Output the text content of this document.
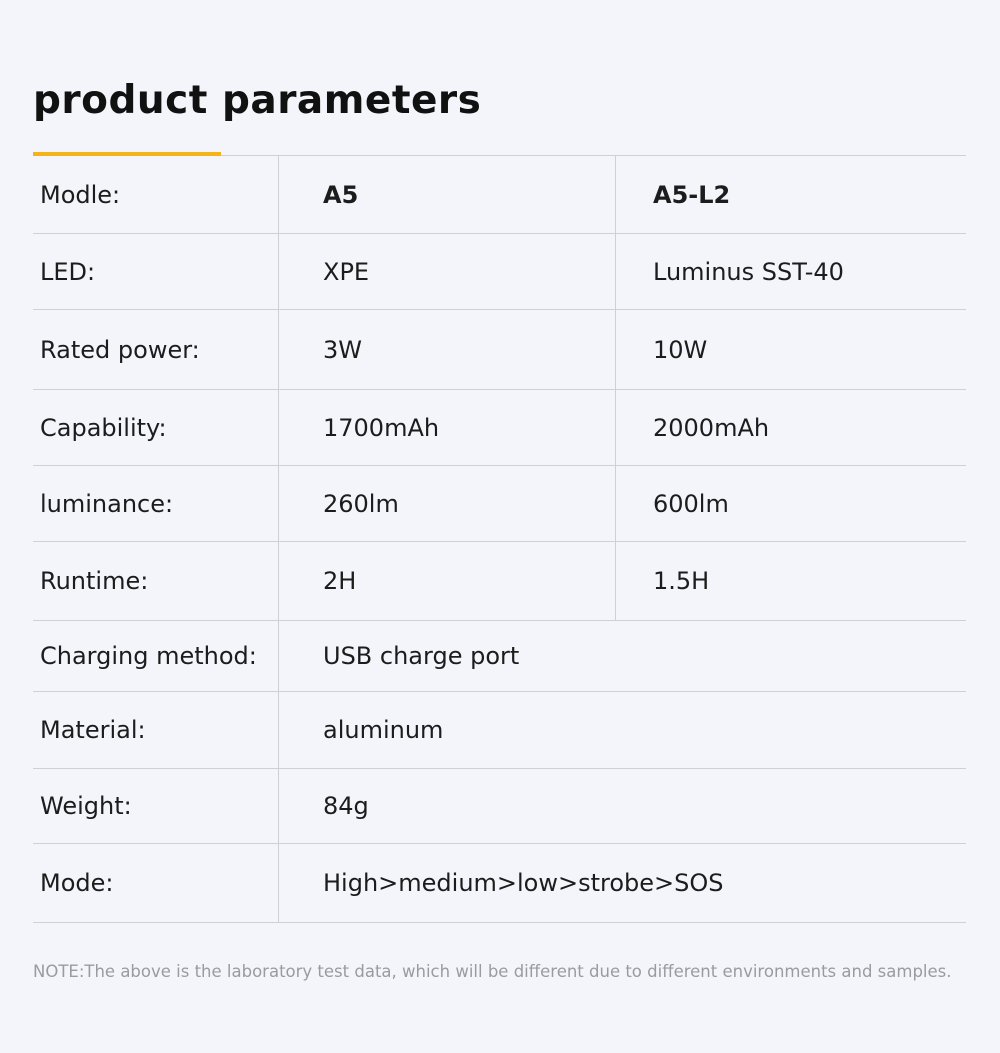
product parameters
Modle:	A5	A5-L2
LED:	XPE	Luminus SST-40
Rated power:	3W	10W
Capability:	1700mAh	2000mAh
luminance:	260lm	600lm
Runtime:	2H	1.5H
Charging method:	USB charge port
Material:	aluminum
Weight:	84g
Mode:	High>medium>low>strobe>SOS
NOTE:The above is the laboratory test data, which will be different due to different environments and samples.
